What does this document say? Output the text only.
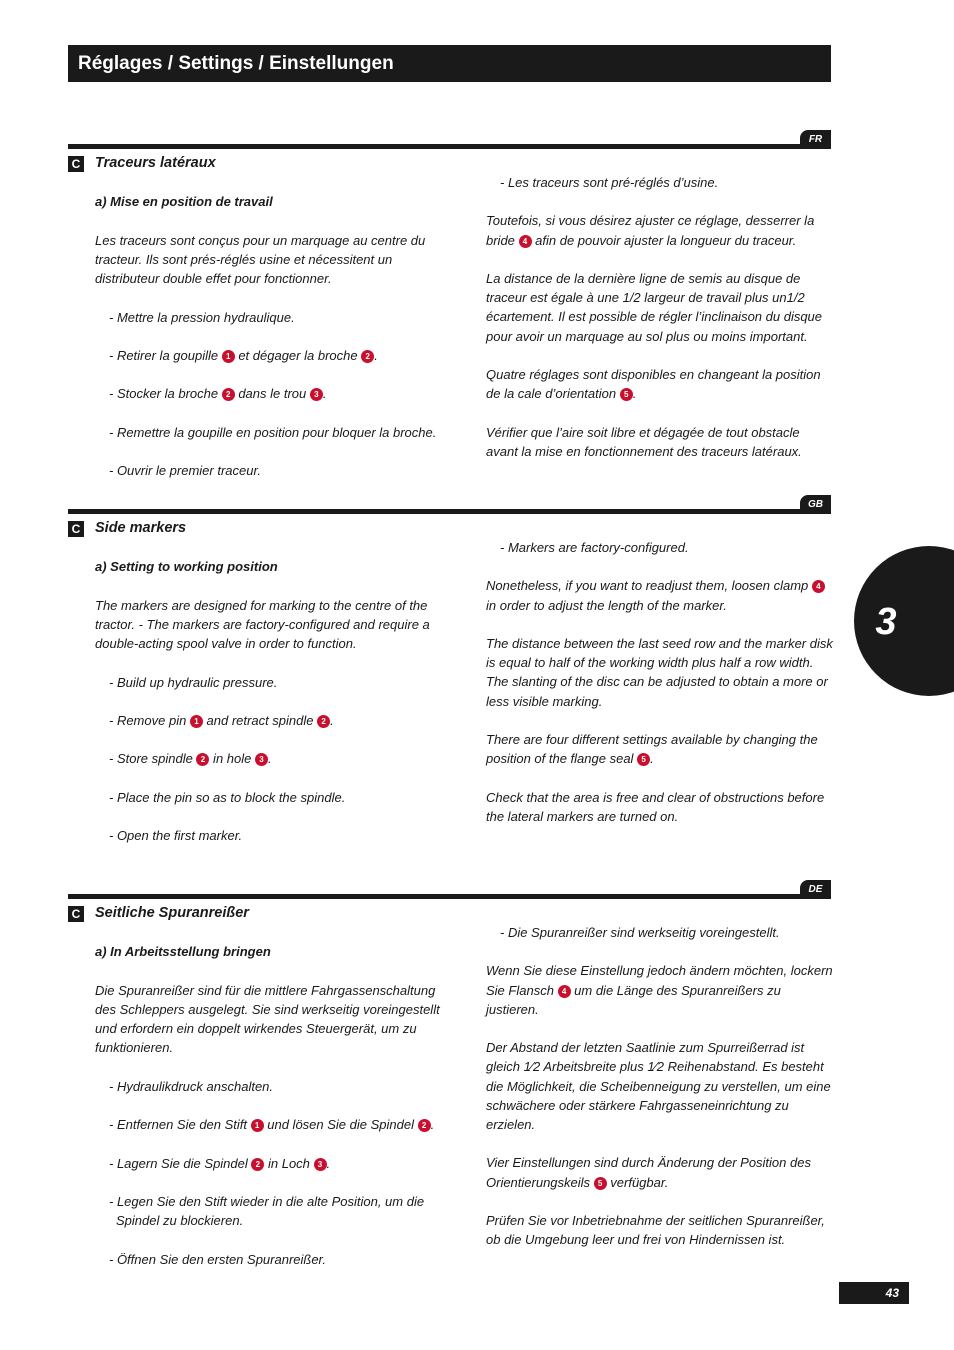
Réglages / Settings / Einstellungen
3
FR
C Traceurs latéraux

a) Mise en position de travail

Les traceurs sont conçus pour un marquage au centre du tracteur. Ils sont prés-réglés usine et nécessitent un distributeur double effet pour fonctionner.

- Mettre la pression hydraulique.

- Retirer la goupille 1 et dégager la broche 2 .

- Stocker la broche 2 dans le trou 3 .

- Remettre la goupille en position pour bloquer la broche.

- Ouvrir le premier traceur.

- Les traceurs sont pré-réglés d’usine.

Toutefois, si vous désirez ajuster ce réglage, desserrer la bride 4 afin de pouvoir ajuster la longueur du traceur.

La distance de la dernière ligne de semis au disque de traceur est égale à une 1/2 largeur de travail plus un1/2 écartement. Il est possible de régler l’inclinaison du disque pour avoir un marquage au sol plus ou moins important.

Quatre réglages sont disponibles en changeant la position de la cale d’orientation 5 .

Vérifier que l’aire soit libre et dégagée de tout obstacle avant la mise en fonctionnement des traceurs latéraux.

GB
C Side markers

a) Setting to working position

The markers are designed for marking to the centre of the tractor. - The markers are factory-configured and require a double-acting spool valve in order to function.

- Build up hydraulic pressure.

- Remove pin 1 and retract spindle 2 .

- Store spindle 2 in hole 3 .

- Place the pin so as to block the spindle.

- Open the first marker.

- Markers are factory-configured.

Nonetheless, if you want to readjust them, loosen clamp 4 in order to adjust the length of the marker.

The distance between the last seed row and the marker disk is equal to half of the working width plus half a row width. The slanting of the disc can be adjusted to obtain a more or less visible marking.

There are four different settings available by changing the position of the flange seal 5 .

Check that the area is free and clear of obstructions before the lateral markers are turned on.

DE
C Seitliche Spuranreißer

a) In Arbeitsstellung bringen

Die Spuranreißer sind für die mittlere Fahrgassenschaltung des Schleppers ausgelegt. Sie sind werkseitig voreingestellt und erfordern ein doppelt wirkendes Steuergerät, um zu funktionieren.

- Hydraulikdruck anschalten.

- Entfernen Sie den Stift 1 und lösen Sie die Spindel 2 .

- Lagern Sie die Spindel 2 in Loch 3 .

- Legen Sie den Stift wieder in die alte Position, um die Spindel zu blockieren.

- Öffnen Sie den ersten Spuranreißer.

- Die Spuranreißer sind werkseitig voreingestellt.

Wenn Sie diese Einstellung jedoch ändern möchten, lockern Sie Flansch 4 um die Länge des Spuranreißers zu justieren.

Der Abstand der letzten Saatlinie zum Spurreißerrad ist gleich 1⁄2 Arbeitsbreite plus 1⁄2 Reihenabstand. Es besteht die Möglichkeit, die Scheibenneigung zu verstellen, um eine schwächere oder stärkere Fahrgasseneinrichtung zu erzielen.

Vier Einstellungen sind durch Änderung der Position des Orientierungskeils 5 verfügbar.

Prüfen Sie vor Inbetriebnahme der seitlichen Spuranreißer, ob die Umgebung leer und frei von Hindernissen ist.

43
